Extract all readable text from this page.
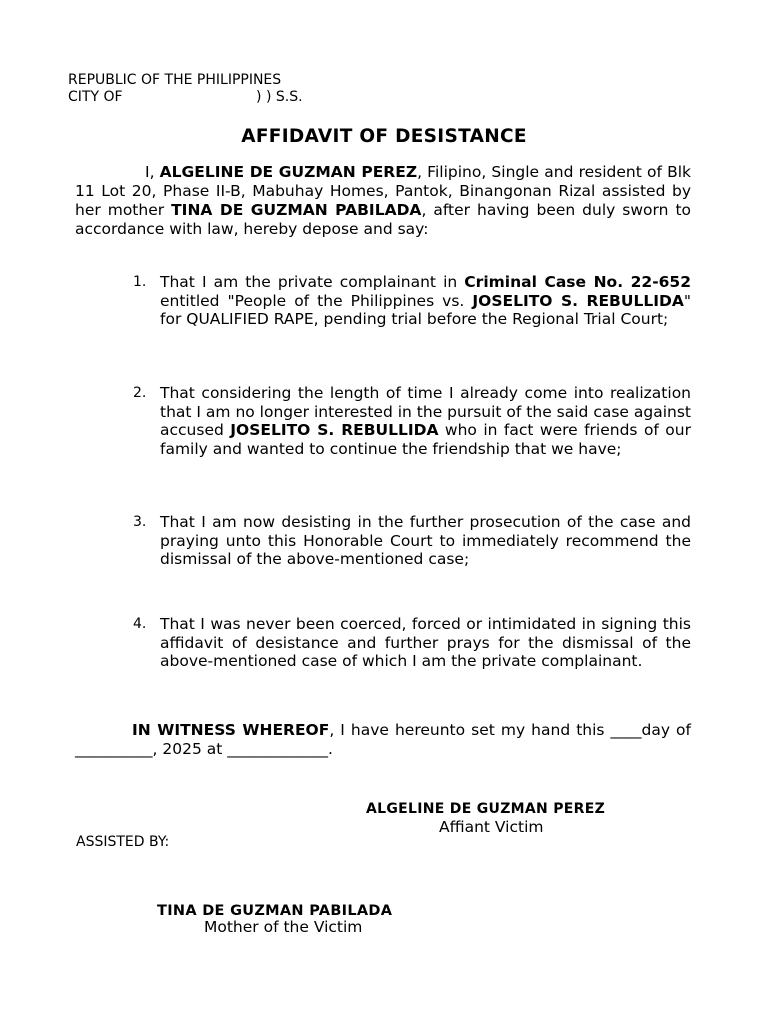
REPUBLIC OF THE PHILIPPINES
CITY OF                              ) ) S.S.
AFFIDAVIT OF DESISTANCE
I, ALGELINE DE GUZMAN PEREZ, Filipino, Single and resident of Blk 11 Lot 20, Phase II-B, Mabuhay Homes, Pantok, Binangonan Rizal assisted by her mother TINA DE GUZMAN PABILADA, after having been duly sworn to accordance with law, hereby depose and say:
1. That I am the private complainant in Criminal Case No. 22-652 entitled "People of the Philippines vs. JOSELITO S. REBULLIDA" for QUALIFIED RAPE, pending trial before the Regional Trial Court;
2. That considering the length of time I already come into realization that I am no longer interested in the pursuit of the said case against accused JOSELITO S. REBULLIDA who in fact were friends of our family and wanted to continue the friendship that we have;
3. That I am now desisting in the further prosecution of the case and praying unto this Honorable Court to immediately recommend the dismissal of the above-mentioned case;
4. That I was never been coerced, forced or intimidated in signing this affidavit of desistance and further prays for the dismissal of the above-mentioned case of which I am the private complainant.
IN WITNESS WHEREOF, I have hereunto set my hand this ____day of __________, 2025 at _____________.
ALGELINE DE GUZMAN PEREZ
Affiant Victim
ASSISTED BY:
TINA DE GUZMAN PABILADA
Mother of the Victim
